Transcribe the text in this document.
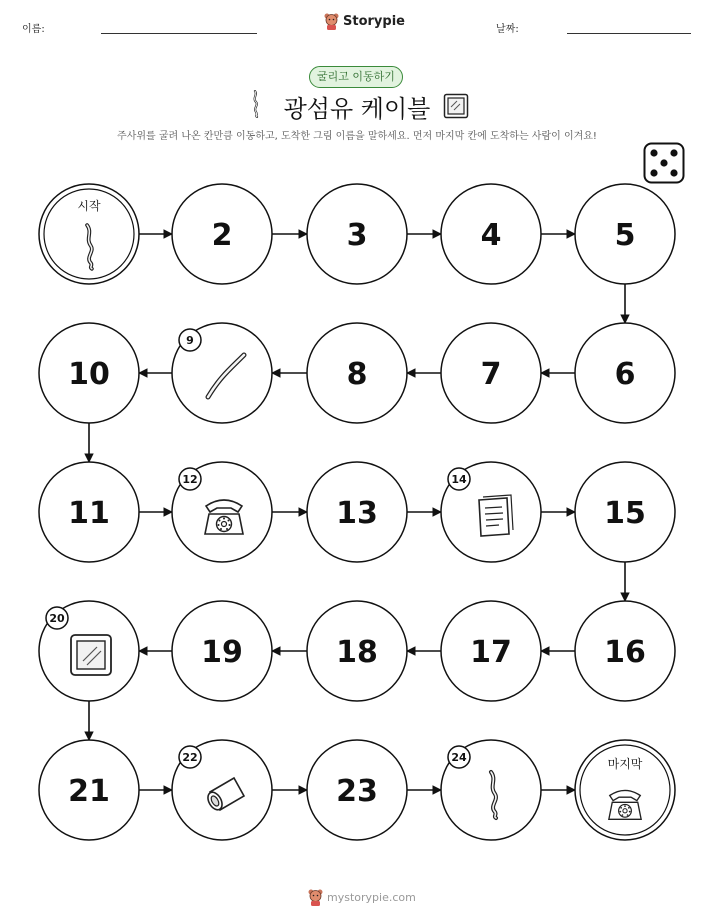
이름:
Storypie
날짜:
굴리고 이동하기
광섬유 케이블
주사위를 굴려 나온 칸만큼 이동하고, 도착한 그림 이름을 말하세요. 먼저 마지막 칸에 도착하는 사람이 이겨요!
시작
2	3	4	5
6
7
8
9
10
11
12
13
14
15
16
17
18
19
20
21
22
23
24	마지막
mystorypie.com
